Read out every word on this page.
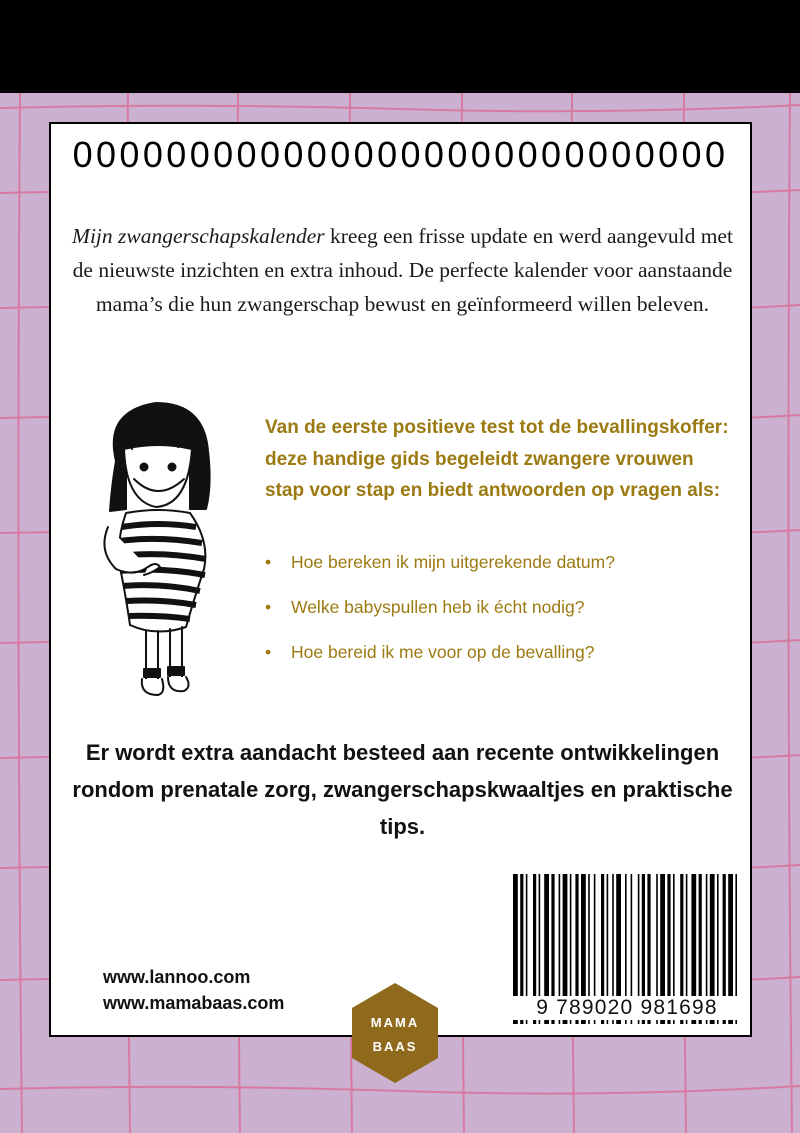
0000000000000000000000000000
Mijn zwangerschapskalender kreeg een frisse update en werd aangevuld met de nieuwste inzichten en extra inhoud. De perfecte kalender voor aanstaande mama’s die hun zwangerschap bewust en geïnformeerd willen beleven.
Van de eerste positieve test tot de bevallingskoffer: deze handige gids begeleidt zwangere vrouwen stap voor stap en biedt antwoorden op vragen als:
• Hoe bereken ik mijn uitgerekende datum?
• Welke babyspullen heb ik écht nodig?
• Hoe bereid ik me voor op de bevalling?
Er wordt extra aandacht besteed aan recente ontwikkelingen rondom prenatale zorg, zwangerschapskwaaltjes en praktische tips.
www.lannoo.com
www.mamabaas.com	9 789020 981698
MAMA
BAAS
